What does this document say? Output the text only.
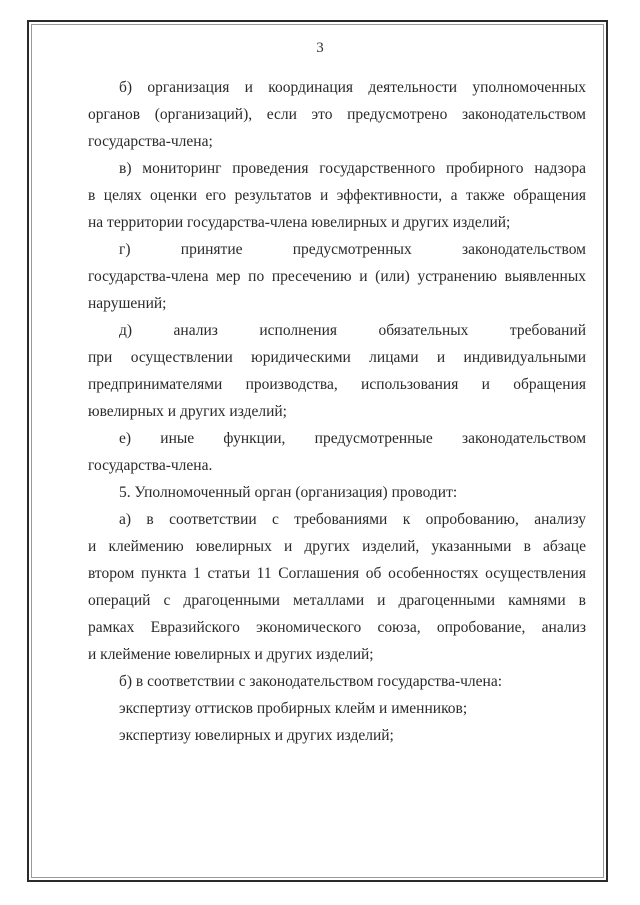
3
б) организация и координация деятельности уполномоченных
органов (организаций), если это предусмотрено законодательством
государства-члена;
в) мониторинг проведения государственного пробирного надзора
в целях оценки его результатов и эффективности, а также обращения
на территории государства-члена ювелирных и других изделий;
г) принятие предусмотренных законодательством
государства-члена мер по пресечению и (или) устранению выявленных
нарушений;
д) анализ исполнения обязательных требований
при осуществлении юридическими лицами и индивидуальными
предпринимателями производства, использования и обращения
ювелирных и других изделий;
е) иные функции, предусмотренные законодательством
государства-члена.
5. Уполномоченный орган (организация) проводит:
а) в соответствии с требованиями к опробованию, анализу
и клеймению ювелирных и других изделий, указанными в абзаце
втором пункта 1 статьи 11 Соглашения об особенностях осуществления
операций с драгоценными металлами и драгоценными камнями в
рамках Евразийского экономического союза, опробование, анализ
и клеймение ювелирных и других изделий;
б) в соответствии с законодательством государства-члена:
экспертизу оттисков пробирных клейм и именников;
экспертизу ювелирных и других изделий;
